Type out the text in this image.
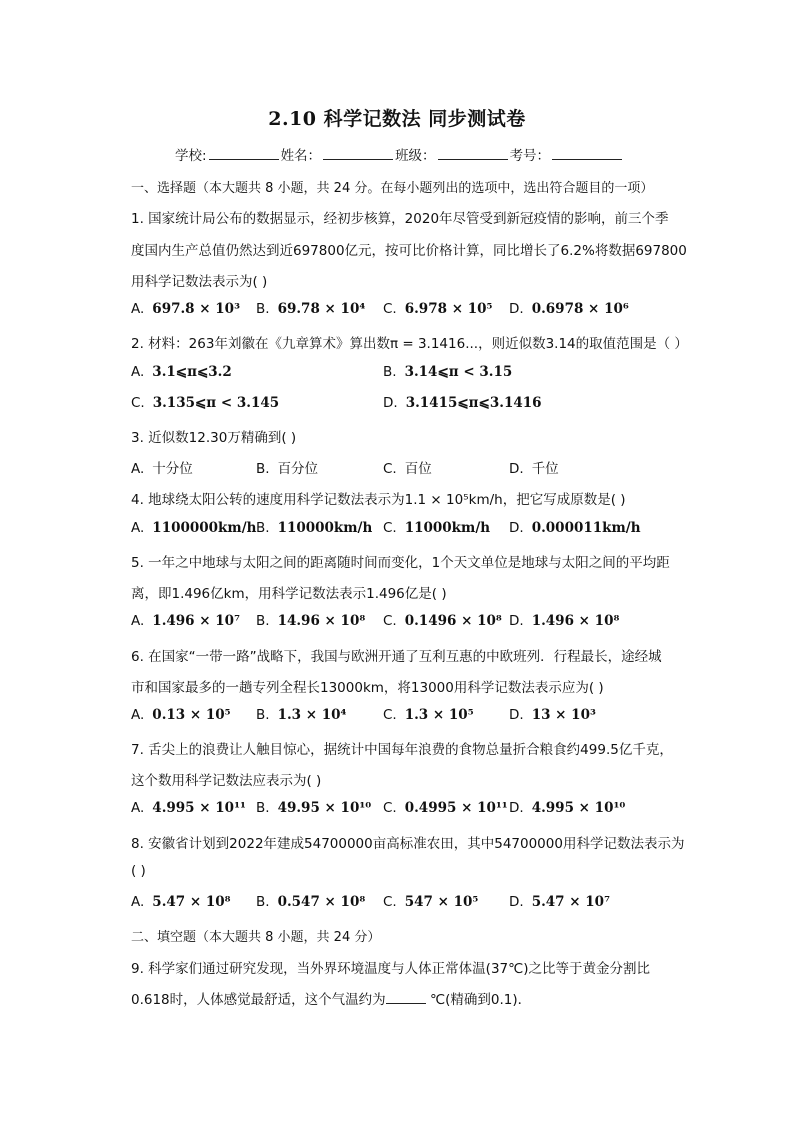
2.10 科学记数法 同步测试卷
学校:	姓名：	班级：	考号：
一、选择题（本大题共 8 小题，共 24 分。在每小题列出的选项中，选出符合题目的一项）
1. 国家统计局公布的数据显示，经初步核算，2020年尽管受到新冠疫情的影响，前三个季
度国内生产总值仍然达到近697800亿元，按可比价格计算，同比增长了6.2%将数据697800
用科学记数法表示为( )
A. 697.8 × 10³ B. 69.78 × 10⁴ C. 6.978 × 10⁵ D. 0.6978 × 10⁶
2. 材料：263年刘徽在《九章算术》算出数π = 3.1416...，则近似数3.14的取值范围是（ ）
A. 3.1⩽π⩽3.2	B. 3.14⩽π < 3.15
C. 3.135⩽π < 3.145	D. 3.1415⩽π⩽3.1416
3. 近似数12.30万精确到( )
A. 十分位	B. 百分位	C. 百位	D. 千位
4. 地球绕太阳公转的速度用科学记数法表示为1.1 × 10⁵km/h，把它写成原数是( )
A. 1100000km/h B. 110000km/h C. 11000km/h D. 0.000011km/h
5. 一年之中地球与太阳之间的距离随时间而变化，1个天文单位是地球与太阳之间的平均距
离，即1.496亿km，用科学记数法表示1.496亿是( )
A. 1.496 × 10⁷ B. 14.96 × 10⁸ C. 0.1496 × 10⁸ D. 1.496 × 10⁸
6. 在国家“一带一路”战略下，我国与欧洲开通了互利互惠的中欧班列．行程最长，途经城
市和国家最多的一趟专列全程长13000km，将13000用科学记数法表示应为( )
A. 0.13 × 10⁵ B. 1.3 × 10⁴	C. 1.3 × 10⁵	D. 13 × 10³
7. 舌尖上的浪费让人触目惊心，据统计中国每年浪费的食物总量折合粮食约499.5亿千克，
这个数用科学记数法应表示为( )
A. 4.995 × 10¹¹ B. 49.95 × 10¹⁰ C. 0.4995 × 10¹¹ D. 4.995 × 10¹⁰
8. 安徽省计划到2022年建成54700000亩高标准农田，其中54700000用科学记数法表示为
( )
A. 5.47 × 10⁸ B. 0.547 × 10⁸ C. 547 × 10⁵ D. 5.47 × 10⁷
二、填空题（本大题共 8 小题，共 24 分）
9. 科学家们通过研究发现，当外界环境温度与人体正常体温(37℃)之比等于黄金分割比
0.618时，人体感觉最舒适，这个气温约为	℃(精确到0.1)．
